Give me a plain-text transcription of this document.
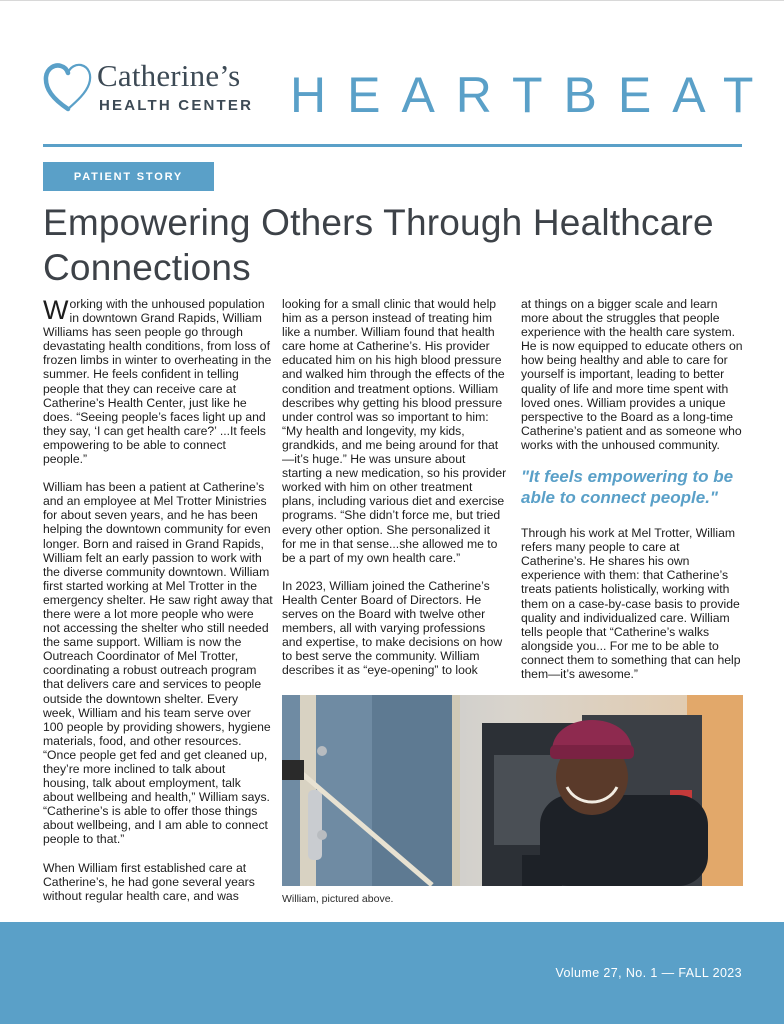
Catherine’s
HEALTH CENTER HEARTBEAT
PATIENT STORY
Empowering Others Through Healthcare Connections

Working with the unhoused population in downtown Grand Rapids, William Williams has seen people go through devastating health conditions, from loss of frozen limbs in winter to overheating in the summer. He feels confident in telling people that they can receive care at Catherine’s Health Center, just like he does. “Seeing people’s faces light up and they say, ‘I can get health care?’ ...It feels empowering to be able to connect people.”

William has been a patient at Catherine’s and an employee at Mel Trotter Ministries for about seven years, and he has been helping the downtown community for even longer. Born and raised in Grand Rapids, William felt an early passion to work with the diverse community downtown. William first started working at Mel Trotter in the emergency shelter. He saw right away that there were a lot more people who were not accessing the shelter who still needed the same support. William is now the Outreach Coordinator of Mel Trotter, coordinating a robust outreach program that delivers care and services to people outside the downtown shelter. Every week, William and his team serve over 100 people by providing showers, hygiene materials, food, and other resources. “Once people get fed and get cleaned up, they’re more inclined to talk about housing, talk about employment, talk about wellbeing and health,” William says. “Catherine’s is able to offer those things about wellbeing, and I am able to connect people to that.”

When William first established care at Catherine’s, he had gone several years without regular health care, and was

looking for a small clinic that would help him as a person instead of treating him like a number. William found that health care home at Catherine’s. His provider educated him on his high blood pressure and walked him through the effects of the condition and treatment options. William describes why getting his blood pressure under control was so important to him: “My health and longevity, my kids, grandkids, and me being around for that—it’s huge.” He was unsure about starting a new medication, so his provider worked with him on other treatment plans, including various diet and exercise programs. “She didn’t force me, but tried every other option. She personalized it for me in that sense...she allowed me to be a part of my own health care.”

In 2023, William joined the Catherine’s Health Center Board of Directors. He serves on the Board with twelve other members, all with varying professions and expertise, to make decisions on how to best serve the community. William describes it as “eye-opening” to look

at things on a bigger scale and learn more about the struggles that people experience with the health care system. He is now equipped to educate others on how being healthy and able to care for yourself is important, leading to better quality of life and more time spent with loved ones. William provides a unique perspective to the Board as a long-time Catherine’s patient and as someone who works with the unhoused community.

"It feels empowering to be able to connect people."

Through his work at Mel Trotter, William refers many people to care at Catherine’s. He shares his own experience with them: that Catherine’s treats patients holistically, working with them on a case-by-case basis to provide quality and individualized care. William tells people that “Catherine’s walks alongside you... For me to be able to connect them to something that can help them—it’s awesome.”

William, pictured above.
Volume 27, No. 1 — FALL 2023
